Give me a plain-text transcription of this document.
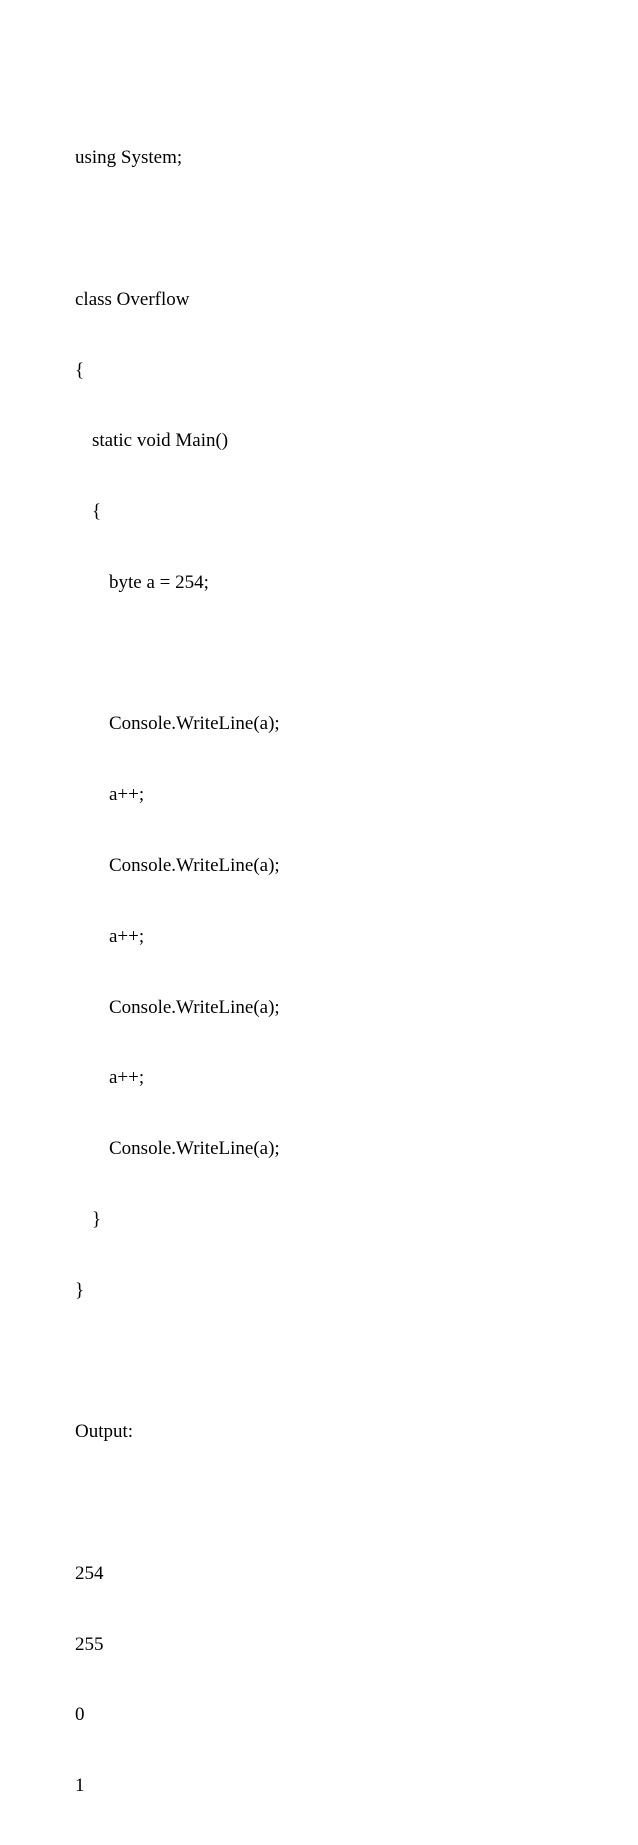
using System;

class Overflow

{

static void Main()

{

byte a = 254;

Console.WriteLine(a);

a++;

Console.WriteLine(a);

a++;

Console.WriteLine(a);

a++;

Console.WriteLine(a);

}

}

Output:

254

255

0

1
